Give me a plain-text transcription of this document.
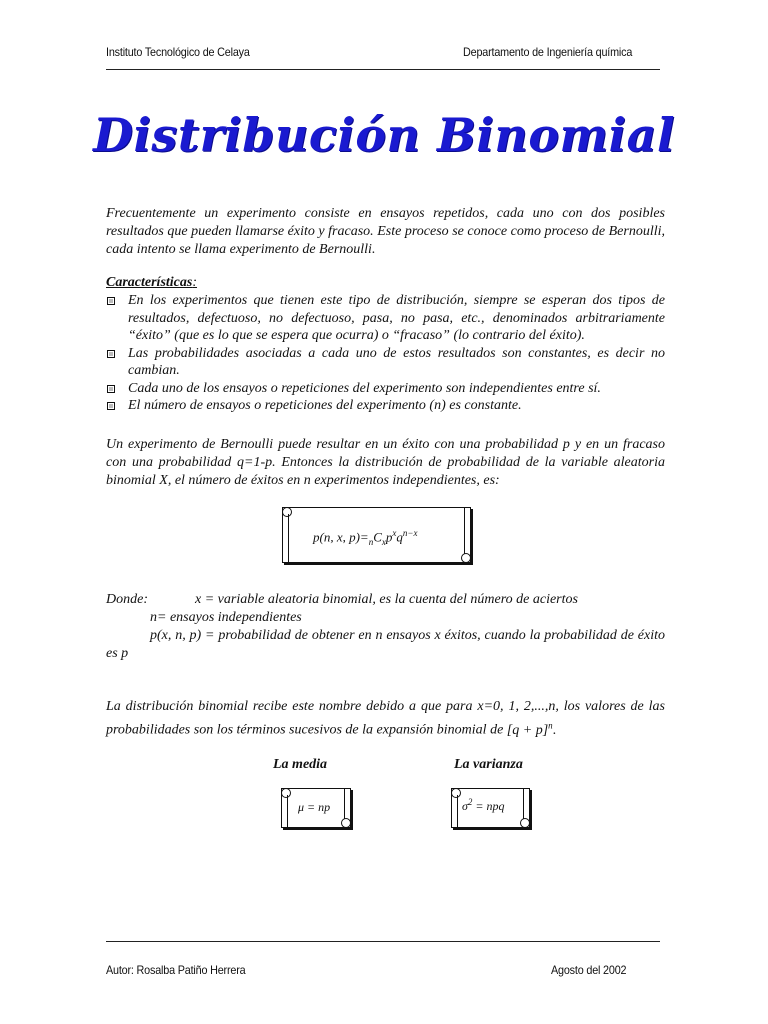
Instituto Tecnológico de Celaya	Departamento de Ingeniería química
Distribución Binomial
Frecuentemente un experimento consiste en ensayos repetidos, cada uno con dos posibles resultados que pueden llamarse éxito y fracaso. Este proceso se conoce como proceso de Bernoulli, cada intento se llama experimento de Bernoulli.
Características:
En los experimentos que tienen este tipo de distribución, siempre se esperan dos tipos de resultados, defectuoso, no defectuoso, pasa, no pasa, etc., denominados arbitrariamente “éxito” (que es lo que se espera que ocurra) o “fracaso” (lo contrario del éxito).
Las probabilidades asociadas a cada uno de estos resultados son constantes, es decir no cambian.
Cada uno de los ensayos o repeticiones del experimento son independientes entre sí.
El número de ensayos o repeticiones del experimento (n) es constante.
Un experimento de Bernoulli puede resultar en un éxito con una probabilidad p y en un fracaso con una probabilidad q=1-p. Entonces la distribución de probabilidad de la variable aleatoria binomial X, el número de éxitos en n experimentos independientes, es:
p(n, x, $p)=_nC_xp^xq^{n-x}$
Donde:	x = variable aleatoria binomial, es la cuenta del número de aciertos
n= ensayos independientes
p(x, n, p) = probabilidad de obtener en n ensayos x éxitos, cuando la probabilidad de éxito es p
La distribución binomial recibe este nombre debido a que para x=0, 1, 2,...,n, los valores de las probabilidades son los términos sucesivos de la expansión binomial de $[q + p]^n$.
La media	La varianza
μ = np	$\sigma^2$ = npq
Autor: Rosalba Patiño Herrera	Agosto del 2002
